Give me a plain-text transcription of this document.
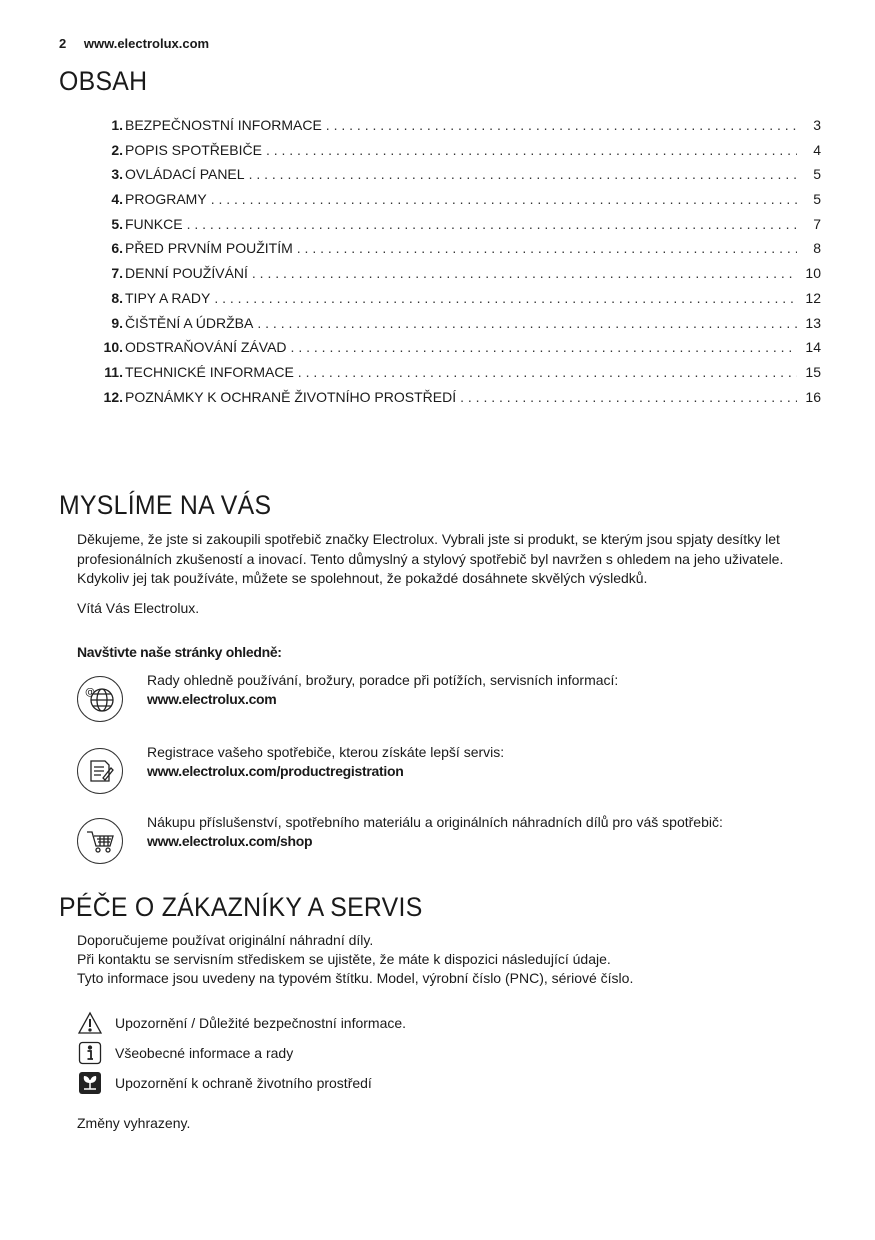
2 www.electrolux.com
OBSAH
1. BEZPEČNOSTNÍ INFORMACE . . .	3
2. POPIS SPOTŘEBIČE . . .	4
3. OVLÁDACÍ PANEL . . .	5
4. PROGRAMY . . .	5
5. FUNKCE . . .	7
6. PŘED PRVNÍM POUŽITÍM . . .	8
7. DENNÍ POUŽÍVÁNÍ . . .	10
8. TIPY A RADY . . .	12
9. ČIŠTĚNÍ A ÚDRŽBA . . .	13
10. ODSTRAŇOVÁNÍ ZÁVAD . . .	14
11. TECHNICKÉ INFORMACE . . .	15
12. POZNÁMKY K OCHRANĚ ŽIVOTNÍHO PROSTŘEDÍ . . .	16
MYSLÍME NA VÁS
Děkujeme, že jste si zakoupili spotřebič značky Electrolux. Vybrali jste si produkt, se kterým jsou spjaty desítky let profesionálních zkušeností a inovací. Tento důmyslný a stylový spotřebič byl navržen s ohledem na jeho uživatele. Kdykoliv jej tak používáte, můžete se spolehnout, že pokaždé dosáhnete skvělých výsledků.
Vítá Vás Electrolux.
Navštivte naše stránky ohledně:
@
Rady ohledně používání, brožury, poradce při potížích, servisních informací:
www.electrolux.com
Registrace vašeho spotřebiče, kterou získáte lepší servis:
www.electrolux.com/productregistration
Nákupu příslušenství, spotřebního materiálu a originálních náhradních dílů pro váš spotřebič:
www.electrolux.com/shop
PÉČE O ZÁKAZNÍKY A SERVIS
Doporučujeme používat originální náhradní díly.
Při kontaktu se servisním střediskem se ujistěte, že máte k dispozici následující údaje.
Tyto informace jsou uvedeny na typovém štítku. Model, výrobní číslo (PNC), sériové číslo.
Upozornění / Důležité bezpečnostní informace.
Všeobecné informace a rady
Upozornění k ochraně životního prostředí
Změny vyhrazeny.
